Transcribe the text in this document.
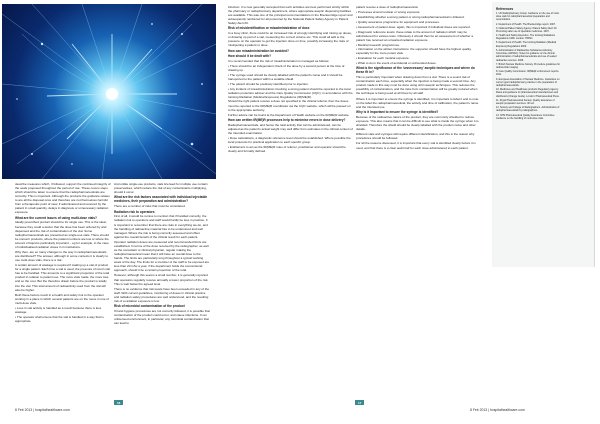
describe measures which, if followed, support the continued integrity of the seals proposed throughout the period of use. These covers steps which should be taken to ensure that the radiopharmaceuticals are correctly. This is important. Although the products the guidance relates to are all the disposal once and therefore are not themselves harmful from a therapeutic point of view, if administered and received by the patient in small quantity, delays in diagnosis or unnecessary radiation exposure.

What are the current issues of using multi-dose vials?

Ideally prescribed product should be for single use. This is the ideal, because they could a doctor that the dose has been ordered by and dispensed and the risk of contamination of the vial. Some radiopharmaceuticals are presented as single-use vials. There should be concern products, where the patient numbers are low or where the amount of liquid is particularly important – eg for example, in the case of individualised radiation doses in in institutions.

Why then, are so many changes to the way in radiopharmaceuticals are distributed? The answer, although in some contexts it is clearly to use multi-dose vials, there is a risk.

A certain amount of wastage is required if making up a vial of product for a single patient. Each time a vial is used, the pressure of return vial has to be handled. This amounts to a significant proportion of the total product in relation to patient use. The more vials made, the more loss and so the cost. But the therefore drawn before the product is totally into the vial. This total amount of radioactivity used from the vial will also be higher.

Both these factors result in a health and safety risk to the operator working in a place in which several patients are on the move in one of multi-dose vials.

• Loss in vial activity is handled as a result because there is less wastage.

• The operator shall ensure that the vial is handled in a way that is appropriate.

And unlike single-use products, vials licensed for multiple use contain preservatives, which reduce the risk of any contaminants multiplying, should it occur.

What are the risk factors associated with individual injectable medicines, their preparation and administration?

There are a number of risks that must be considered.

Radiation risk to operators

First of all, it would be remiss to mention that if handled correctly, the radiation risk to operators and staff would hardly be less in practice. It is important to remember that there are risks in everything we do, and the handling of radioactive material has to be understood and well managed. Where the risk is being correctly assessed and offset against the overall benefit of the clinical result for each patient.

Operator radiation doses are measured and recommended limits are established. In terms of the dose received by the radiographer, as well as the consultant or clinical physician, regular making the radiopharmaceutical mean that it will have an overall dose to the hands. The limits are particularly long throughout a typical working week of the day. The limits for a member of the staff to be exposed are less than 20 mSv a year, if the department holds the conventional approach, should it be a certain proportion of the total.

However, although this seems a small number, it is generally reported that operators regularly receive annually a lower proportion of the risk. This is well below the agreed level.

There is no evidence that risk levels have been exceeded in any of the staff. With current guidelines, monitoring of doses in clinical practice and radiation safety procedures are well understood, and the resulting risk of a radiation exposure is low.

Risk of microbial contamination of the product

If hand hygiene procedures are not correctly followed, it is possible that contamination of the product could occur, and cause infections. In an unlicensed environment, in particular, any microbial contamination that can lead to

infection. It is now generally accepted that such activities are best performed strictly within the pharmacy or radiopharmacy department, where appropriate aseptic dispensing facilities are available. This was one of the principal recommendations in the Breckenridge report and subsequently reinforced for all personnel by the National Patient Safety Agency in Patient Safety Alert 20.

Risk of misidentification or misadministration of dose

In a busy clinic, there could be an increased risk of wrongly identifying and mixing up doses, or drawing up part of a vial, measuring the correct volume etc. This could all add to the pressure on the operator to get the injection done on time, possibly increasing the risks of misinjecting a patient or dose.

How can misadministration be avoided?
How should it be dealt with?

It is recommended that the risk of misadministration is managed as follows:

• There should be an independent check of the dose by a second person at the time of drawing up.

• The syringe used should be clearly labelled with the patient's name and it should be transported to the patient within a suitable shield.

• The patient should be positively identified prior to injection.

• Any incident of misadministration involving a wrong patient should be reported to the local radiation protection adviser and the Care Quality Commission (CQC), in accordance with the Ionising Radiation (Medical Exposure) Regulations (IR(ME)R).

Should the right patient receive a dose not specified in the clinical referral, then the doses must be reported to the IR(ME)R coordinator via the CQC website, which will be passed on to the appropriate authority.

Further advice can be found at the Department of Health website on the IR(ME)R website.

How can written IR(ME)R processes help to minimise errors in dose delivery?

Radiopharmaceuticals, and hence the total activity that can be administered, can be adjusted as the patient's actual weight may well differ from estimates in the clinical context of the intended examination.

• Dose calculations, a diagnostic reference level should be established. Where possible the local protocols for practical application to each specific group.

• Entitlement to act as the IR(ME)R roles of referrer, practitioner and operator should be clearly and formally defined.

patient receive a dose of radiopharmaceutical.

• Processes around unclear or wrong exposure.

• Establishing whether a wrong patient or wrong radiopharmaceutical is followed.

• Quality assurance programme for equipment and processes.

• Assessment of patient dose: again, this is important if individual doses are reported.

• Diagnostic reference levels: these relate to the amount of radiation which may be administered for various tests. Obviously it should then be an assessment of whether a patient has received an unwanted radiation exposure.

• Medical research programmes.

• Information on the written instructions: the supporter should have the highest quality, especially for the more potent vials.

• Evaluation for each medical exposure.

• What to do in the event of accidental or unintended doses.

What is the significance of the 'unnecessary' aseptic techniques and where do these fit in?

This is particularly important when drawing down from a vial. There is a sound risk of contamination each time, especially when the injection is being made a second time. Any product made in this way must be done using strict aseptic techniques. This reduces the possibility of contamination, and the risks from contamination will be greatly reduced when the technique is being used at all times by all staff.

Where it is important to ensure the syringe is identified, it is important to label it and to note on the label the radiopharmaceutical, the activity and time of calibration, the patient's name and the intended use.

Why is it important to ensure the syringe is identified?

Because of the radioactive nature of the product, they are commonly shielded to reduce exposure. This also means that it can be difficult to see what is inside the syringe when it is shielded. Therefore the shield should be clearly labelled with the product name and other details.

Different vials and syringes will require different identification, and this is the reason why procedures should be followed.

For all the reasons discussed, it is important that every vial is identified clearly before it is used, and that there is a clear audit trail for each dose administered to each patient.

References

1. UK Radiopharmacy Group. Guidance on the use of multi-dose vials for radiopharmaceutical preparation and reconstitution.

2. Department of Health. The Breckenridge report. 2007.

3. National Patient Safety Agency. Patient Safety Alert 20: Promoting safer use of injectable medicines. 2007.

4. Health and Safety Executive. The Ionising Radiations Regulations 1999. London: HMSO.

5. Department of Health. The Ionising Radiation (Medical Exposure) Regulations 2000.

6. Administration of Radioactive Substances Advisory Committee (ARSAC). Notes for guidance on the clinical administration of radiopharmaceuticals and use of sealed radioactive sources. 2006.

7. British Nuclear Medicine Society. Procedure guidelines for radionuclide imaging.

8. Care Quality Commission. IR(ME)R enforcement reports. 2011.

9. European Association of Nuclear Medicine. Guidelines on current good radiopharmacy practice in the preparation of radiopharmaceuticals.

10. Medicines and Healthcare products Regulatory Agency. Rules and guidance for pharmaceutical manufacturers and distributors (Orange Guide). London: Pharmaceutical Press.

11. Royal Pharmaceutical Society. Quality assurance of aseptic preparation services. 4th ed.

12. Society and College of Radiographers. Administration of radiopharmaceuticals by radiographers.

13. NHS Pharmaceutical Quality Assurance Committee. Guidance on the handling of multi-dose vials.

16	17
8 Feb 2013 | hospitalhealthcare.com	8 Feb 2013 | hospitalhealthcare.com
